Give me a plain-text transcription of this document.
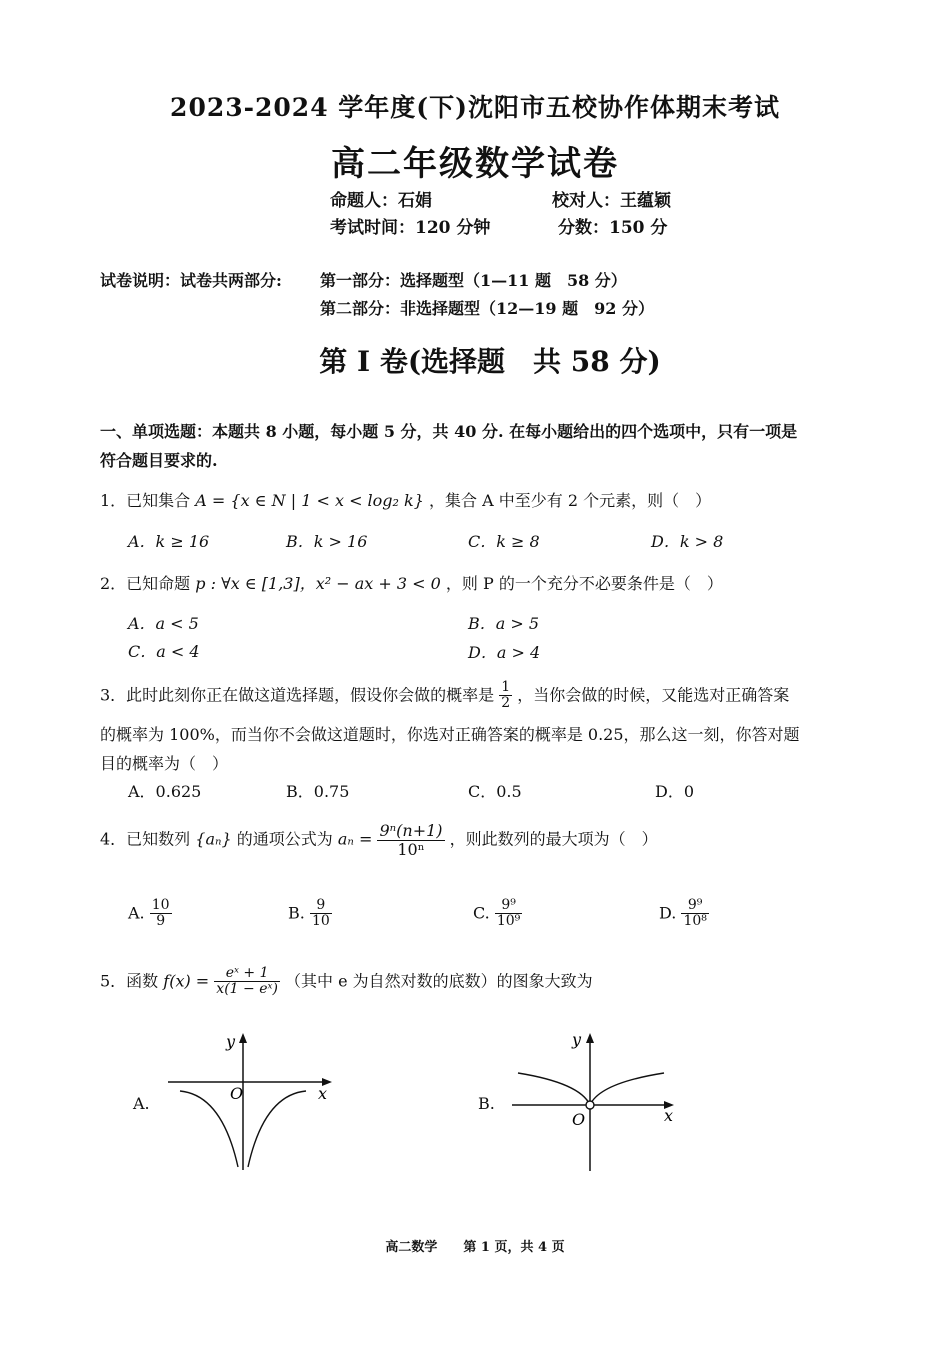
2023-2024 学年度(下)沈阳市五校协作体期末考试
高二年级数学试卷
命题人：石娟	校对人：王蕴颖
考试时间：120 分钟	分数：150 分
试卷说明：试卷共两部分: 第一部分：选择题型（1—11 题　58 分）
第二部分：非选择题型（12—19 题　92 分）
第 I 卷(选择题　共 58 分)
一、单项选题：本题共 8 小题，每小题 5 分，共 40 分. 在每小题给出的四个选项中，只有一项是
符合题目要求的.
1．已知集合 A = {x ∈ N | 1 < x < log₂ k} ，集合 A 中至少有 2 个元素，则（　）
A．k ≥ 16	B．k > 16	C．k ≥ 8	D．k > 8
2．已知命题 p : ∀x ∈ [1,3]，x² − ax + 3 < 0 ，则 P 的一个充分不必要条件是（　）
A．a < 5	B．a > 5
C．a < 4	D．a > 4
3．此时此刻你正在做这道选择题，假设你会做的概率是 $\frac{1}{2}$ ，当你会做的时候，又能选对正确答案
的概率为 100%，而当你不会做这道题时，你选对正确答案的概率是 0.25，那么这一刻，你答对题
目的概率为（　）
A．0.625	B．0.75	C．0.5	D．0
4．已知数列 {aₙ} 的通项公式为 $a_n = \frac{\text{9ⁿ(n+1)}}{\text{10ⁿ}}$ ，则此数列的最大项为（　）
A. $\frac{10}{9}$	B. $\frac{9}{10}$	C. $\frac{\text{9⁹}}{\text{10⁹}}$	D. $\frac{\text{9⁹}}{\text{10⁸}}$
5．函数 $f(x) = \frac{\text{eˣ + 1}}{\text{x(1 − eˣ)}}$ （其中 e 为自然对数的底数）的图象大致为
A.
y
x
O
B.
y
x
O
高二数学　　第 1 页，共 4 页
